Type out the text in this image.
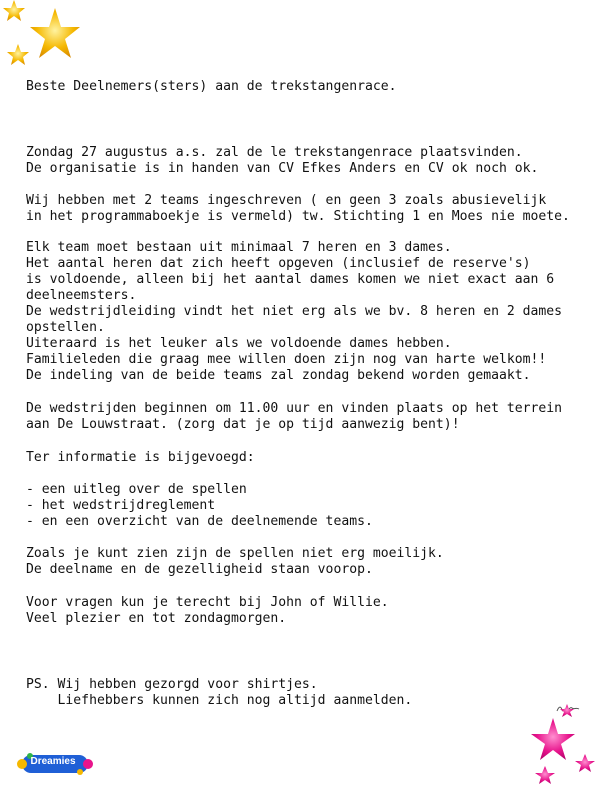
Beste Deelnemers(sters) aan de trekstangenrace.

Zondag 27 augustus a.s. zal de le trekstangenrace plaatsvinden.

De organisatie is in handen van CV Efkes Anders en CV ok noch ok.

Wij hebben met 2 teams ingeschreven ( en geen 3 zoals abusievelijk

in het programmaboekje is vermeld) tw. Stichting 1 en Moes nie moete.

Elk team moet bestaan uit minimaal 7 heren en 3 dames.

Het aantal heren dat zich heeft opgeven (inclusief de reserve's)

is voldoende, alleen bij het aantal dames komen we niet exact aan 6

deelneemsters.

De wedstrijdleiding vindt het niet erg als we bv. 8 heren en 2 dames

opstellen.

Uiteraard is het leuker als we voldoende dames hebben.

Familieleden die graag mee willen doen zijn nog van harte welkom!!

De indeling van de beide teams zal zondag bekend worden gemaakt.

De wedstrijden beginnen om 11.00 uur en vinden plaats op het terrein

aan De Louwstraat. (zorg dat je op tijd aanwezig bent)!

Ter informatie is bijgevoegd:

- een uitleg over de spellen

- het wedstrijdreglement

- en een overzicht van de deelnemende teams.

Zoals je kunt zien zijn de spellen niet erg moeilijk.

De deelname en de gezelligheid staan voorop.

Voor vragen kun je terecht bij John of Willie.

Veel plezier en tot zondagmorgen.

PS. Wij hebben gezorgd voor shirtjes.

Liefhebbers kunnen zich nog altijd aanmelden.

Dreamies
